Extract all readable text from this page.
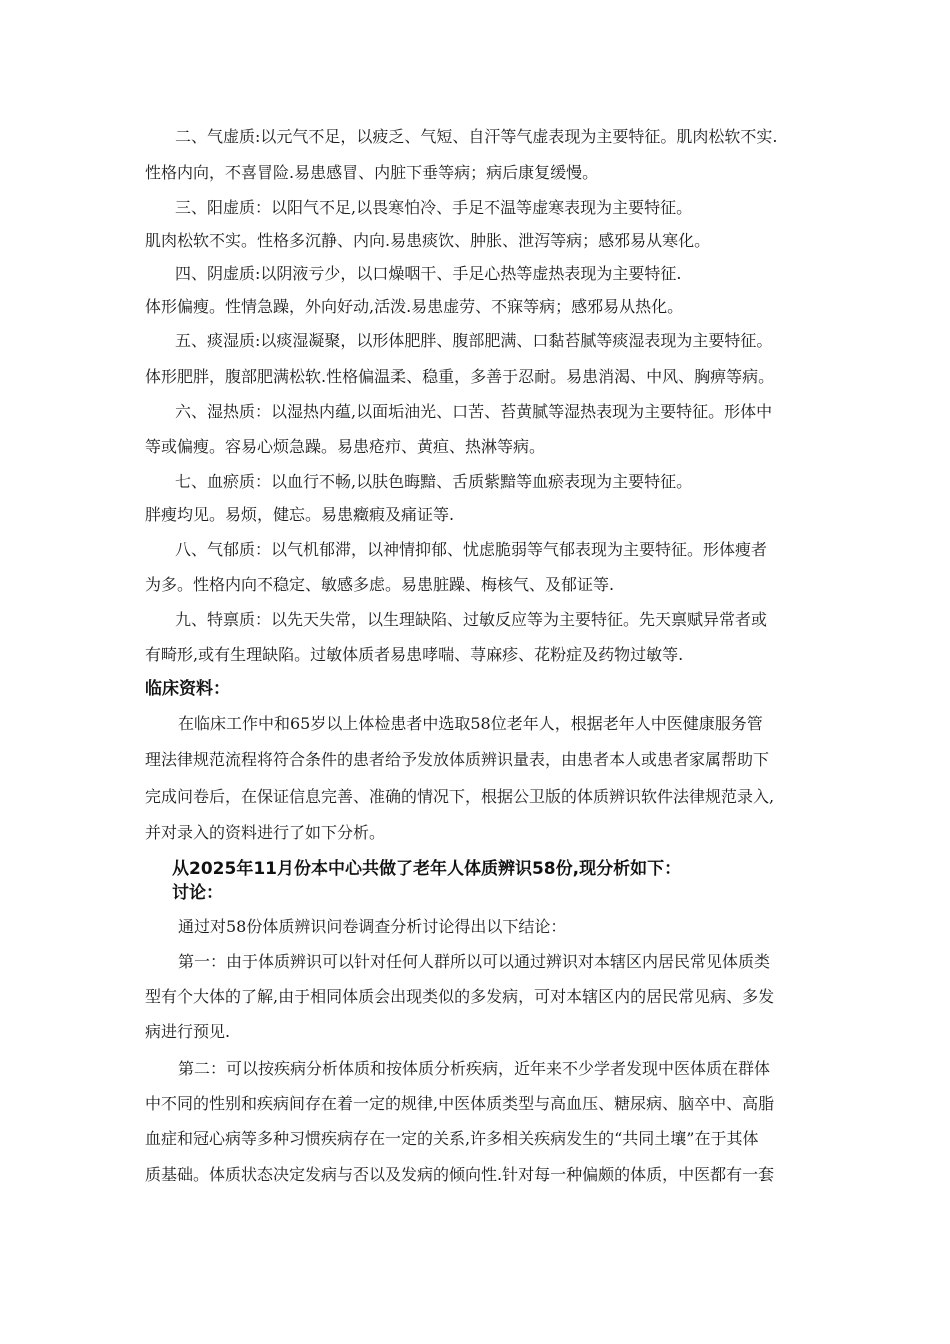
二、气虚质:以元气不足，以疲乏、气短、自汗等气虚表现为主要特征。肌肉松软不实.
性格内向，不喜冒险.易患感冒、内脏下垂等病；病后康复缓慢。
三、阳虚质：以阳气不足,以畏寒怕冷、手足不温等虚寒表现为主要特征。
肌肉松软不实。性格多沉静、内向.易患痰饮、肿胀、泄泻等病；感邪易从寒化。
四、阴虚质:以阴液亏少，以口燥咽干、手足心热等虚热表现为主要特征.
体形偏瘦。性情急躁，外向好动,活泼.易患虚劳、不寐等病；感邪易从热化。
五、痰湿质:以痰湿凝聚，以形体肥胖、腹部肥满、口黏苔腻等痰湿表现为主要特征。
体形肥胖，腹部肥满松软.性格偏温柔、稳重，多善于忍耐。易患消渴、中风、胸痹等病。
六、湿热质：以湿热内蕴,以面垢油光、口苦、苔黄腻等湿热表现为主要特征。形体中
等或偏瘦。容易心烦急躁。易患疮疖、黄疸、热淋等病。
七、血瘀质：以血行不畅,以肤色晦黯、舌质紫黯等血瘀表现为主要特征。
胖瘦均见。易烦，健忘。易患癥瘕及痛证等.
八、气郁质：以气机郁滞，以神情抑郁、忧虑脆弱等气郁表现为主要特征。形体瘦者
为多。性格内向不稳定、敏感多虑。易患脏躁、梅核气、及郁证等.
九、特禀质：以先天失常，以生理缺陷、过敏反应等为主要特征。先天禀赋异常者或
有畸形,或有生理缺陷。过敏体质者易患哮喘、荨麻疹、花粉症及药物过敏等.
临床资料：
在临床工作中和65岁以上体检患者中选取58位老年人，根据老年人中医健康服务管
理法律规范流程将符合条件的患者给予发放体质辨识量表，由患者本人或患者家属帮助下
完成问卷后，在保证信息完善、准确的情况下，根据公卫版的体质辨识软件法律规范录入,
并对录入的资料进行了如下分析。
从2025年11月份本中心共做了老年人体质辨识58份,现分析如下：
讨论：
通过对58份体质辨识问卷调查分析讨论得出以下结论：
第一：由于体质辨识可以针对任何人群所以可以通过辨识对本辖区内居民常见体质类
型有个大体的了解,由于相同体质会出现类似的多发病，可对本辖区内的居民常见病、多发
病进行预见.
第二：可以按疾病分析体质和按体质分析疾病，近年来不少学者发现中医体质在群体
中不同的性别和疾病间存在着一定的规律,中医体质类型与高血压、糖尿病、脑卒中、高脂
血症和冠心病等多种习惯疾病存在一定的关系,许多相关疾病发生的“共同土壤”在于其体
质基础。体质状态决定发病与否以及发病的倾向性.针对每一种偏颇的体质，中医都有一套
